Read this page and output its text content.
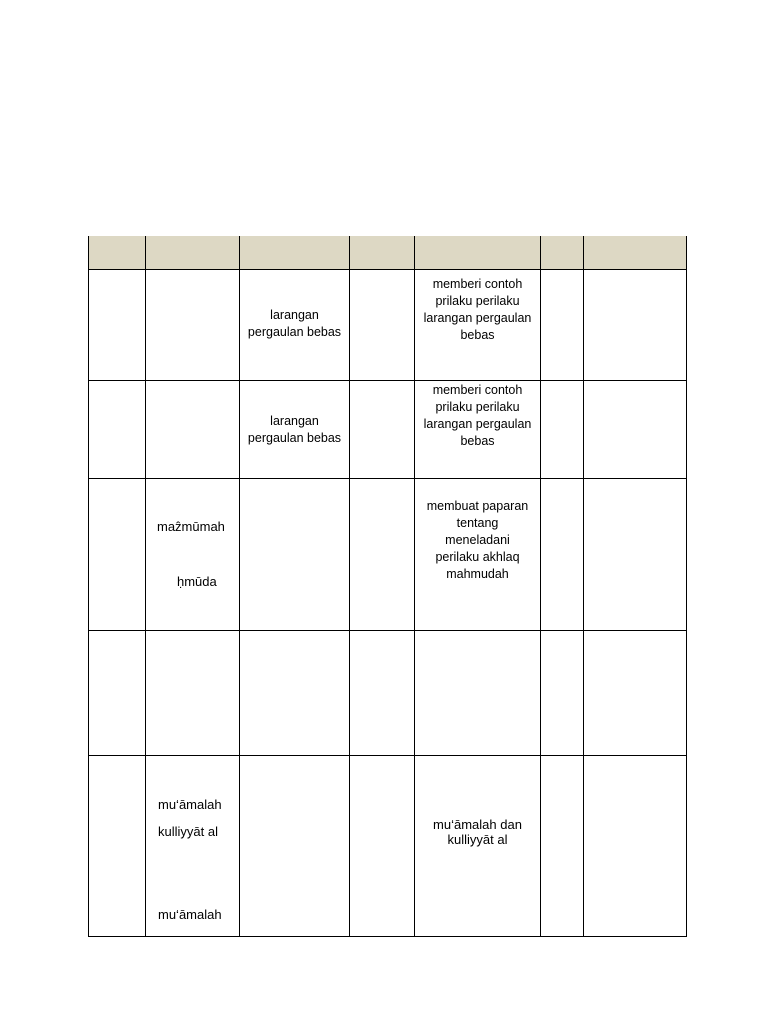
larangan
pergaulan bebas
memberi contoh
prilaku perilaku
larangan pergaulan
bebas
larangan
pergaulan bebas
memberi contoh
prilaku perilaku
larangan pergaulan
bebas
maẑmūmah
ḥmūda
membuat paparan
tentang
meneladani
perilaku akhlaq
mahmudah
mu‘āmalah
kulliyyāt al
mu‘āmalah
mu‘āmalah dan
kulliyyāt al
